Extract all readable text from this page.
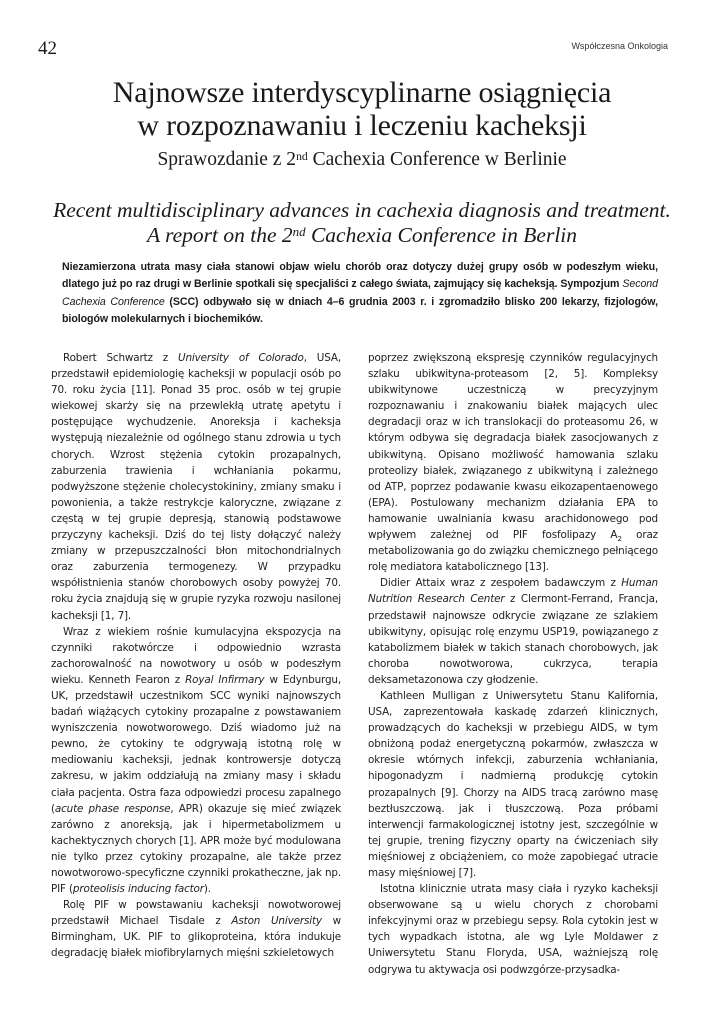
42	Współczesna Onkologia
Najnowsze interdyscyplinarne osiągnięcia
w rozpoznawaniu i leczeniu kacheksji
Sprawozdanie z 2nd Cachexia Conference w Berlinie
Recent multidisciplinary advances in cachexia diagnosis and treatment.
A report on the 2nd Cachexia Conference in Berlin

Niezamierzona utrata masy ciała stanowi objaw wielu chorób oraz dotyczy dużej grupy osób w podeszłym wieku, dlatego już po raz drugi w Berlinie spotkali się specjaliści z całego świata, zajmujący się kacheksją. Sympozjum Second Cachexia Conference (SCC) odbywało się w dniach 4–6 grudnia 2003 r. i zgromadziło blisko 200 lekarzy, fizjologów, biologów molekularnych i biochemików.

Robert Schwartz z University of Colorado, USA, przedstawił epidemiologię kacheksji w populacji osób po 70. roku życia [11]. Ponad 35 proc. osób w tej grupie wiekowej skarży się na przewlekłą utratę apetytu i postępujące wychudzenie. Anoreksja i kacheksja występują niezależnie od ogólnego stanu zdrowia u tych chorych. Wzrost stężenia cytokin prozapalnych, zaburzenia trawienia i wchłaniania pokarmu, podwyższone stężenie cholecystokininy, zmiany smaku i powonienia, a także restrykcje kaloryczne, związane z częstą w tej grupie depresją, stanowią podstawowe przyczyny kacheksji. Dziś do tej listy dołączyć należy zmiany w przepuszczalności błon mitochondrialnych oraz zaburzenia termogenezy. W przypadku współistnienia stanów chorobowych osoby powyżej 70. roku życia znajdują się w grupie ryzyka rozwoju nasilonej kacheksji [1, 7].

Wraz z wiekiem rośnie kumulacyjna ekspozycja na czynniki rakotwórcze i odpowiednio wzrasta zachorowalność na nowotwory u osób w podeszłym wieku. Kenneth Fearon z Royal Infirmary w Edynburgu, UK, przedstawił uczestnikom SCC wyniki najnowszych badań wiążących cytokiny prozapalne z powstawaniem wyniszczenia nowotworowego. Dziś wiadomo już na pewno, że cytokiny te odgrywają istotną rolę w mediowaniu kacheksji, jednak kontrowersje dotyczą zakresu, w jakim oddziałują na zmiany masy i składu ciała pacjenta. Ostra faza odpowiedzi procesu zapalnego (acute phase response, APR) okazuje się mieć związek zarówno z anoreksją, jak i hipermetabolizmem u kachektycznych chorych [1]. APR może być modulowana nie tylko przez cytokiny prozapalne, ale także przez nowotworowo-specyficzne czynniki prokatheczne, jak np. PIF (proteolisis inducing factor).

Rolę PIF w powstawaniu kacheksji nowotworowej przedstawił Michael Tisdale z Aston University w Birmingham, UK. PIF to glikoproteina, która indukuje degradację białek miofibrylarnych mięśni szkieletowych

poprzez zwiększoną ekspresję czynników regulacyjnych szlaku ubikwityna-proteasom [2, 5]. Kompleksy ubikwitynowe uczestniczą w precyzyjnym rozpoznawaniu i znakowaniu białek mających ulec degradacji oraz w ich translokacji do proteasomu 26, w którym odbywa się degradacja białek zasocjowanych z ubikwityną. Opisano możliwość hamowania szlaku proteolizy białek, związanego z ubikwityną i zależnego od ATP, poprzez podawanie kwasu eikozapentaenowego (EPA). Postulowany mechanizm działania EPA to hamowanie uwalniania kwasu arachidonowego pod wpływem zależnej od PIF fosfolipazy $A_2$ oraz metabolizowania go do związku chemicznego pełniącego rolę mediatora katabolicznego [13].

Didier Attaix wraz z zespołem badawczym z Human Nutrition Research Center z Clermont-Ferrand, Francja, przedstawił najnowsze odkrycie związane ze szlakiem ubikwityny, opisując rolę enzymu USP19, powiązanego z katabolizmem białek w takich stanach chorobowych, jak choroba nowotworowa, cukrzyca, terapia deksametazonowa czy głodzenie.

Kathleen Mulligan z Uniwersytetu Stanu Kalifornia, USA, zaprezentowała kaskadę zdarzeń klinicznych, prowadzących do kacheksji w przebiegu AIDS, w tym obniżoną podaż energetyczną pokarmów, zwłaszcza w okresie wtórnych infekcji, zaburzenia wchłaniania, hipogonadyzm i nadmierną produkcję cytokin prozapalnych [9]. Chorzy na AIDS tracą zarówno masę beztłuszczową. jak i tłuszczową. Poza próbami interwencji farmakologicznej istotny jest, szczególnie w tej grupie, trening fizyczny oparty na ćwiczeniach siły mięśniowej z obciążeniem, co może zapobiegać utracie masy mięśniowej [7].

Istotna klinicznie utrata masy ciała i ryzyko kacheksji obserwowane są u wielu chorych z chorobami infekcyjnymi oraz w przebiegu sepsy. Rola cytokin jest w tych wypadkach istotna, ale wg Lyle Moldawer z Uniwersytetu Stanu Floryda, USA, ważniejszą rolę odgrywa tu aktywacja osi podwzgórze-przysadka-
